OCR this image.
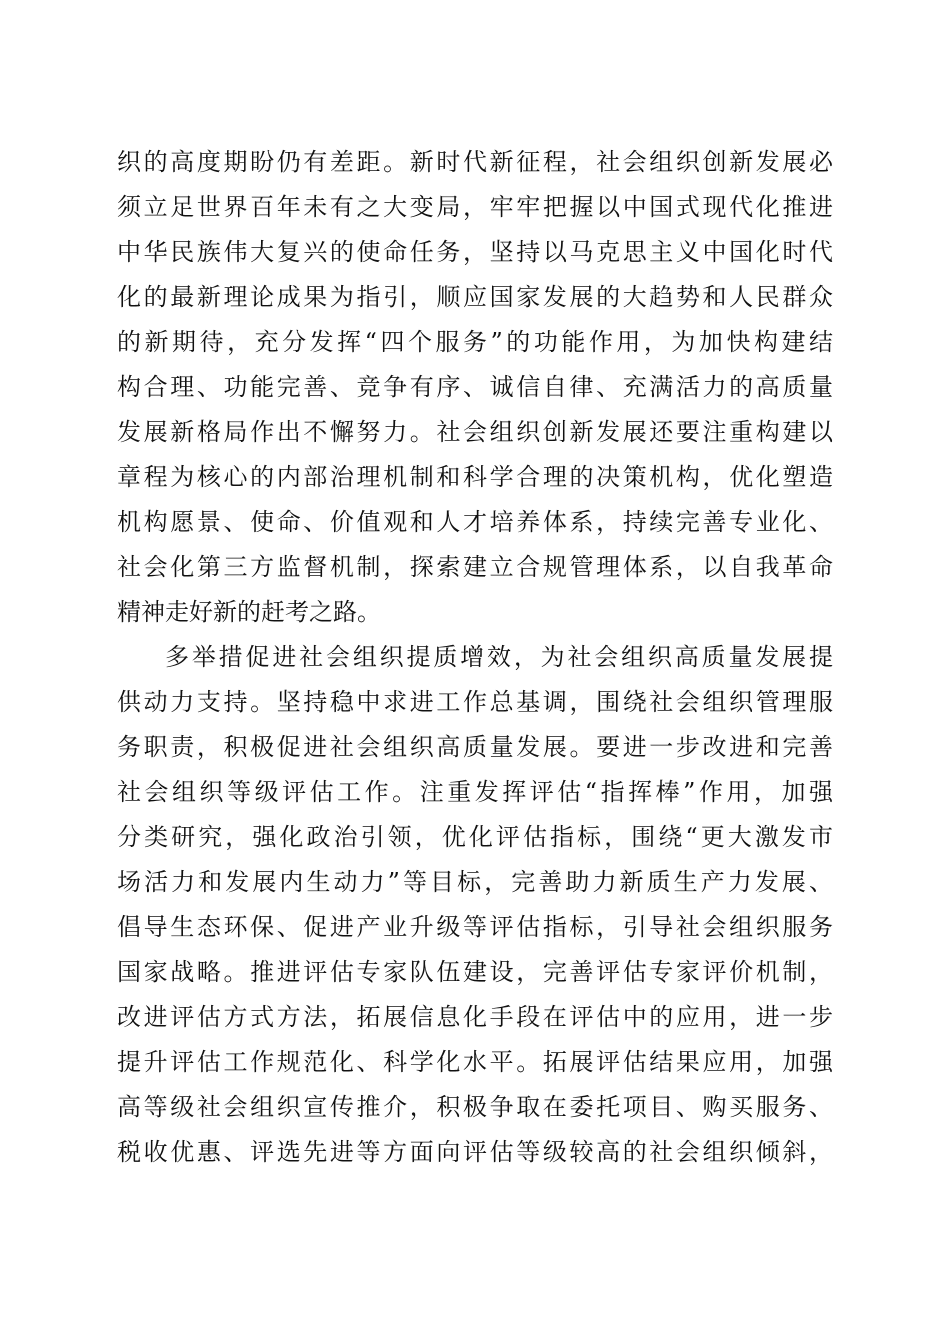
织的高度期盼仍有差距。新时代新征程，社会组织创新发展必
须立足世界百年未有之大变局，牢牢把握以中国式现代化推进
中华民族伟大复兴的使命任务，坚持以马克思主义中国化时代
化的最新理论成果为指引，顺应国家发展的大趋势和人民群众
的新期待，充分发挥“四个服务”的功能作用，为加快构建结
构合理、功能完善、竞争有序、诚信自律、充满活力的高质量
发展新格局作出不懈努力。社会组织创新发展还要注重构建以
章程为核心的内部治理机制和科学合理的决策机构，优化塑造
机构愿景、使命、价值观和人才培养体系，持续完善专业化、
社会化第三方监督机制，探索建立合规管理体系，以自我革命
精神走好新的赶考之路。
多举措促进社会组织提质增效，为社会组织高质量发展提
供动力支持。坚持稳中求进工作总基调，围绕社会组织管理服
务职责，积极促进社会组织高质量发展。要进一步改进和完善
社会组织等级评估工作。注重发挥评估“指挥棒”作用，加强
分类研究，强化政治引领，优化评估指标，围绕“更大激发市
场活力和发展内生动力”等目标，完善助力新质生产力发展、
倡导生态环保、促进产业升级等评估指标，引导社会组织服务
国家战略。推进评估专家队伍建设，完善评估专家评价机制，
改进评估方式方法，拓展信息化手段在评估中的应用，进一步
提升评估工作规范化、科学化水平。拓展评估结果应用，加强
高等级社会组织宣传推介，积极争取在委托项目、购买服务、
税收优惠、评选先进等方面向评估等级较高的社会组织倾斜，
